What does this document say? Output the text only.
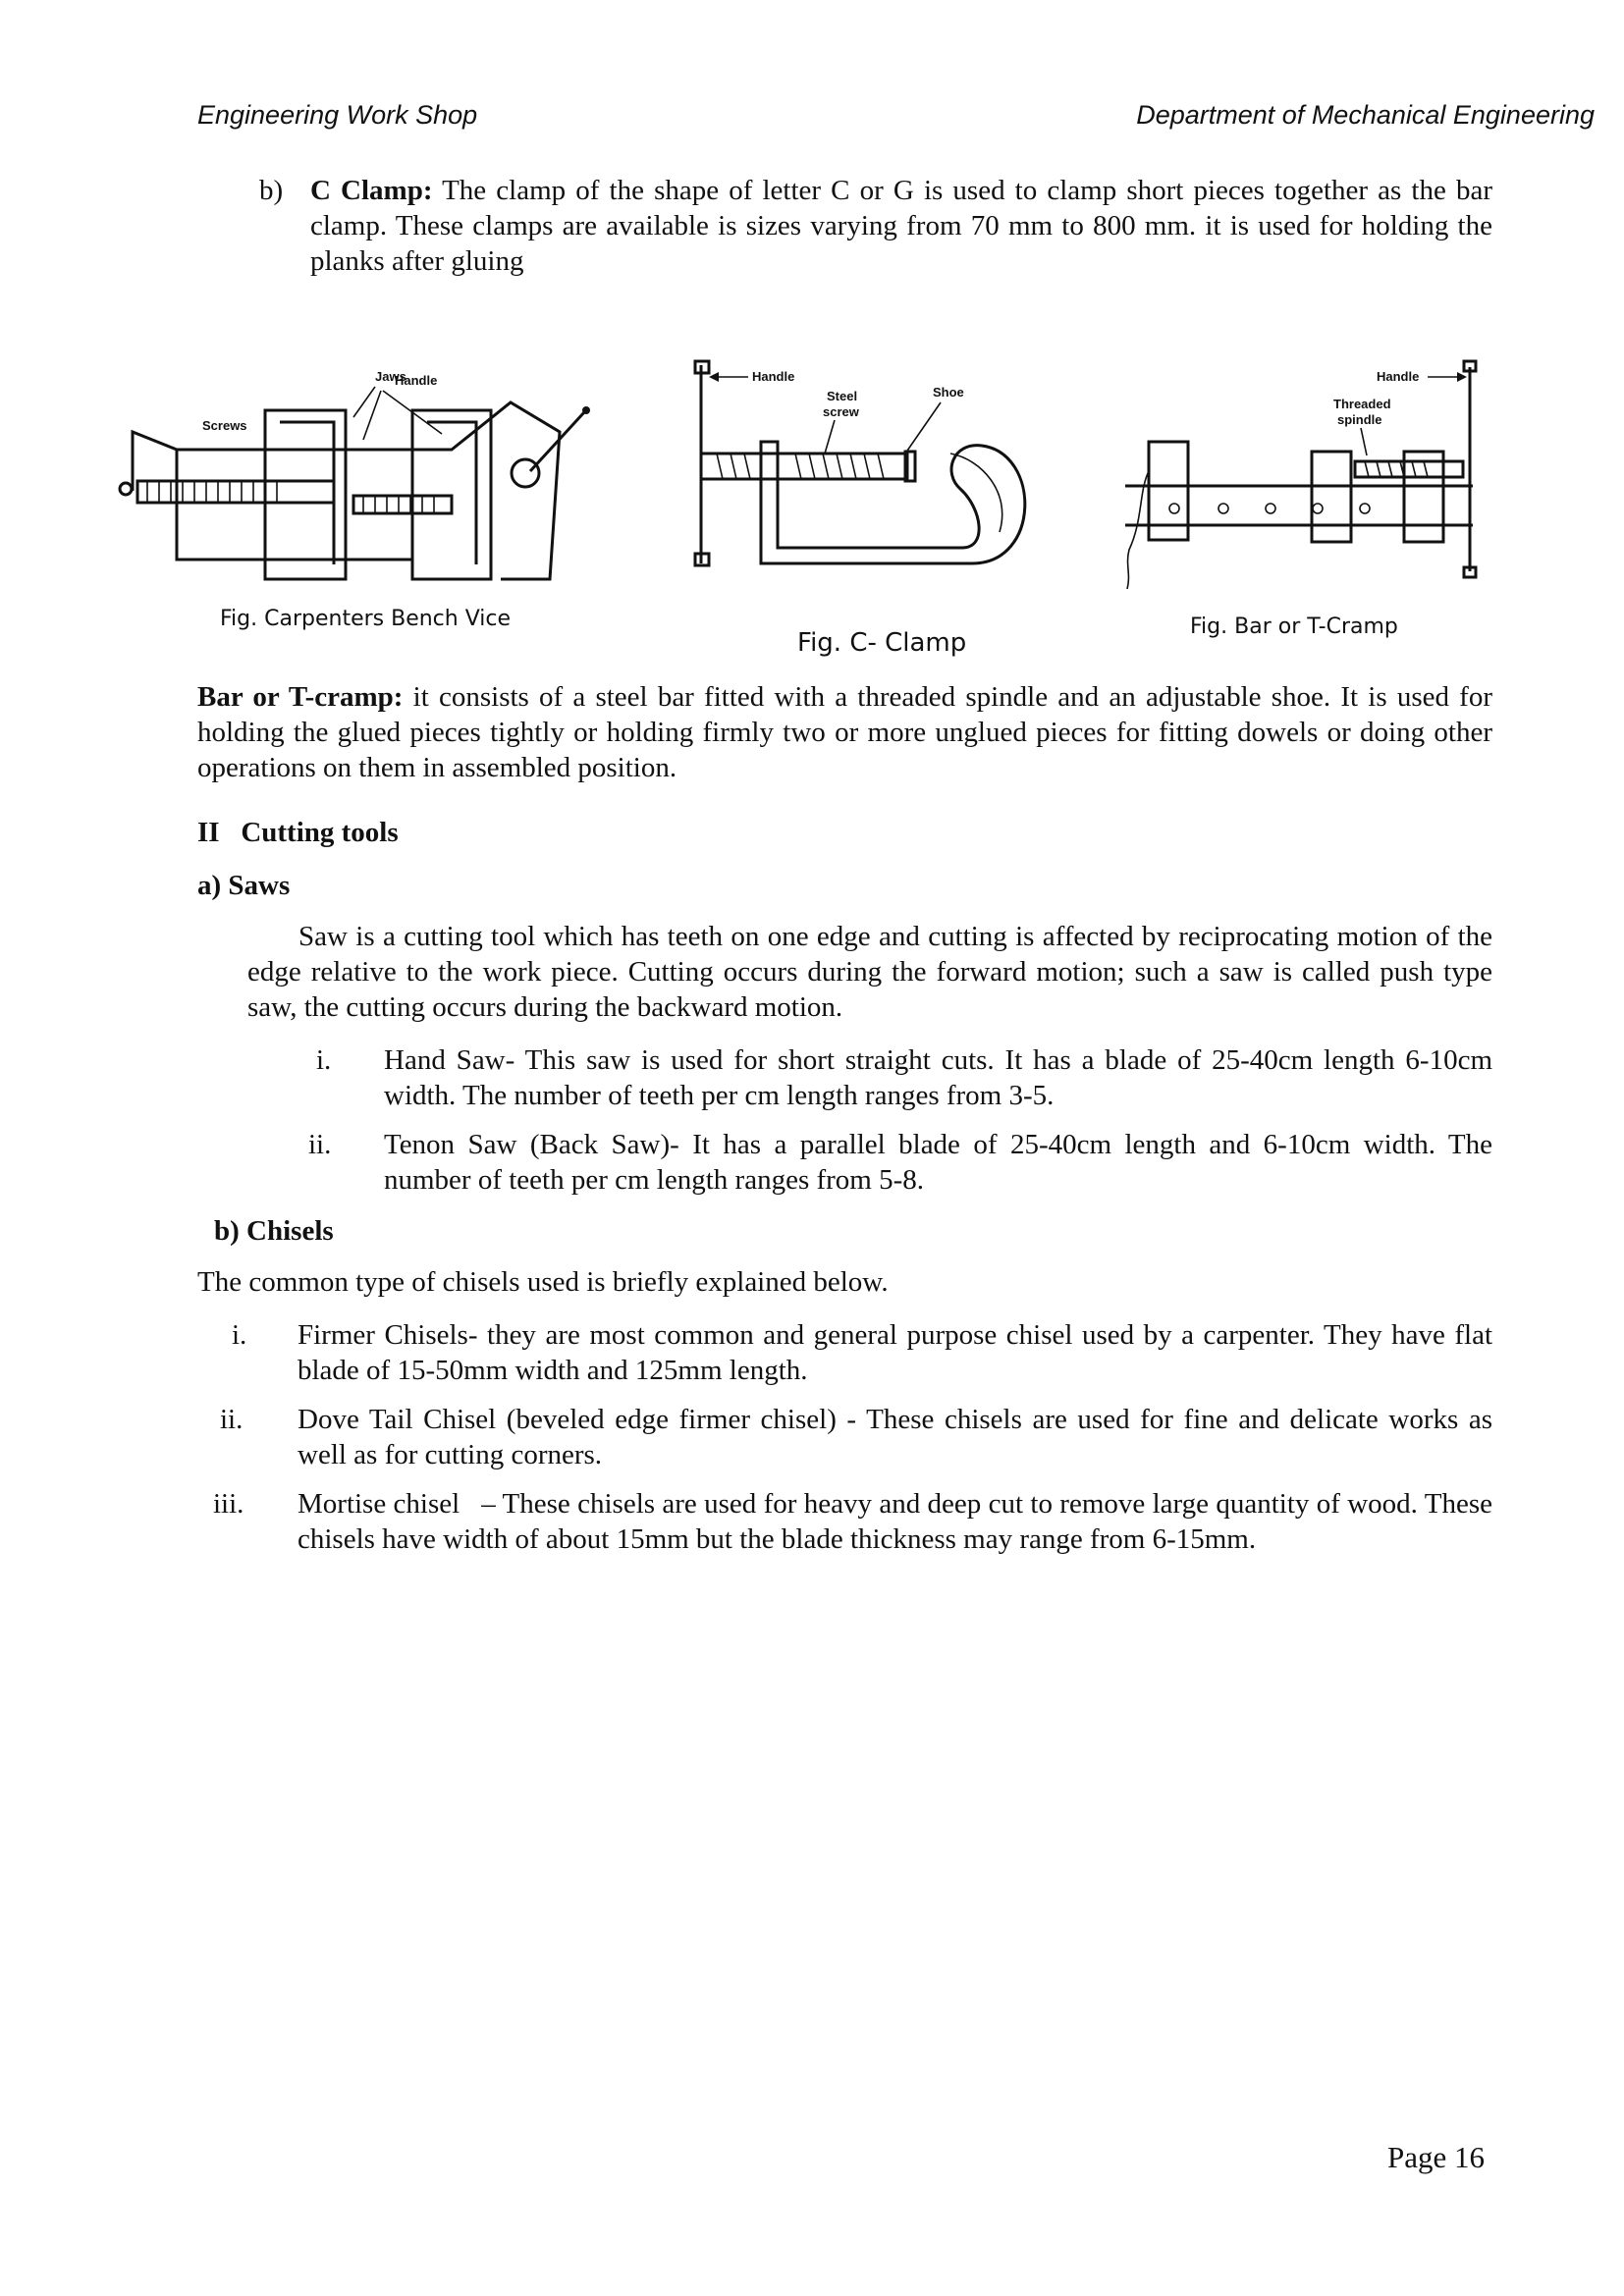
Engineering Work Shop	Department of Mechanical Engineering
b) C Clamp: The clamp of the shape of letter C or G is used to clamp short pieces together as the bar clamp. These clamps are available is sizes varying from 70 mm to 800 mm. it is used for holding the planks after gluing
Handle
Screws
Jaws
Fig. Carpenters Bench Vice
Handle
Steel
screw
Shoe
Fig. C- Clamp
Handle
Threaded
spindle
Fig. Bar or T-Cramp
Bar or T-cramp: it consists of a steel bar fitted with a threaded spindle and an adjustable shoe. It is used for holding the glued pieces tightly or holding firmly two or more unglued pieces for fitting dowels or doing other operations on them in assembled position.
II   Cutting tools
a) Saws
Saw is a cutting tool which has teeth on one edge and cutting is affected by reciprocating motion of the edge relative to the work piece. Cutting occurs during the forward motion; such a saw is called push type saw, the cutting occurs during the backward motion.
i. Hand Saw- This saw is used for short straight cuts. It has a blade of 25-40cm length 6-10cm width. The number of teeth per cm length ranges from 3-5.
ii. Tenon Saw (Back Saw)- It has a parallel blade of 25-40cm length and 6-10cm width. The number of teeth per cm length ranges from 5-8.
b) Chisels
The common type of chisels used is briefly explained below.
i. Firmer Chisels- they are most common and general purpose chisel used by a carpenter. They have flat blade of 15-50mm width and 125mm length.
ii. Dove Tail Chisel (beveled edge firmer chisel) - These chisels are used for fine and delicate works as well as for cutting corners.
iii. Mortise chisel   – These chisels are used for heavy and deep cut to remove large quantity of wood. These chisels have width of about 15mm but the blade thickness may range from 6-15mm.
Page 16
